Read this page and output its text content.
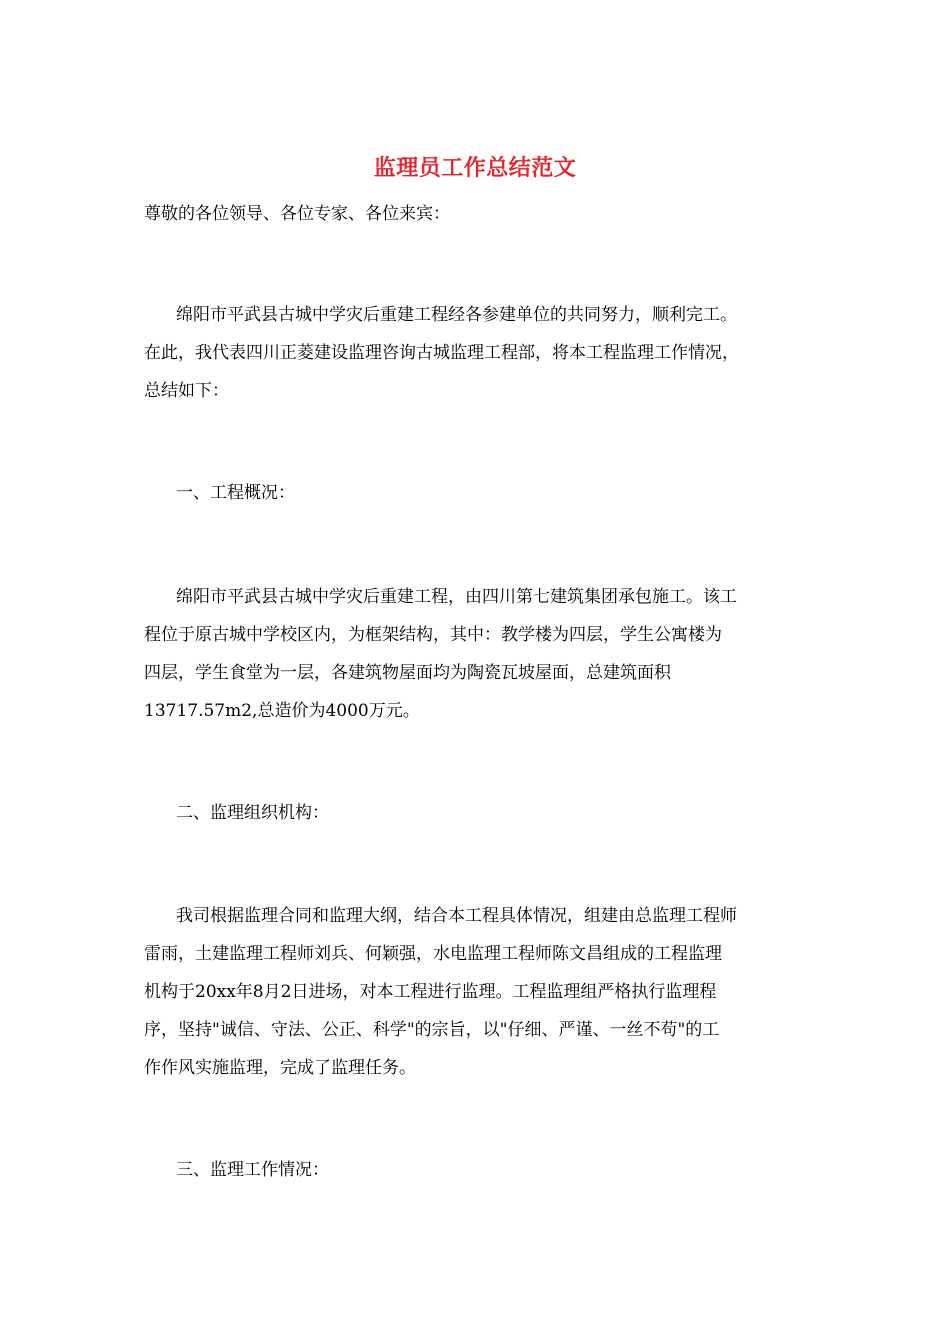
监理员工作总结范文

尊敬的各位领导、各位专家、各位来宾：

绵阳市平武县古城中学灾后重建工程经各参建单位的共同努力，顺利完工。
在此，我代表四川正菱建设监理咨询古城监理工程部，将本工程监理工作情况，
总结如下：

一、工程概况：

绵阳市平武县古城中学灾后重建工程，由四川第七建筑集团承包施工。该工
程位于原古城中学校区内，为框架结构，其中：教学楼为四层，学生公寓楼为
四层，学生食堂为一层，各建筑物屋面均为陶瓷瓦坡屋面，总建筑面积
13717.57m2,总造价为4000万元。

二、监理组织机构：

我司根据监理合同和监理大纲，结合本工程具体情况，组建由总监理工程师
雷雨，土建监理工程师刘兵、何颖强，水电监理工程师陈文昌组成的工程监理
机构于20xx年8月2日进场，对本工程进行监理。工程监理组严格执行监理程
序，坚持"诚信、守法、公正、科学"的宗旨，以"仔细、严谨、一丝不苟"的工
作作风实施监理，完成了监理任务。

三、监理工作情况：
